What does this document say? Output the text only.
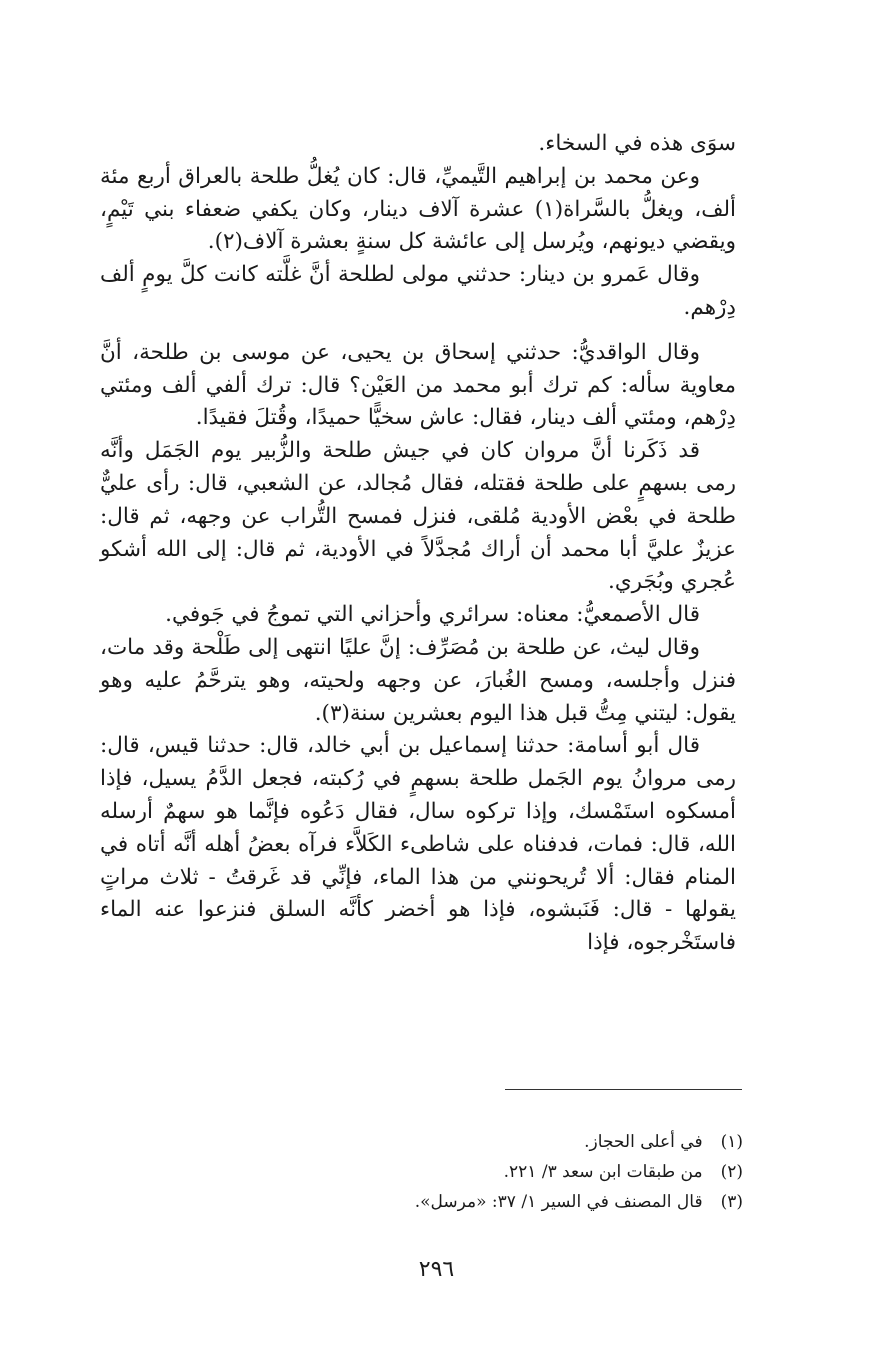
سوَى هذه في السخاء.

وعن محمد بن إبراهيم التَّيميِّ، قال: كان يُغلُّ طلحة بالعراق أربع مئة ألف، ويغلُّ بالسَّراة(١) عشرة آلاف دينار، وكان يكفي ضعفاء بني تَيْمٍ، ويقضي ديونهم، ويُرسل إلى عائشة كل سنةٍ بعشرة آلاف(٢).

وقال عَمرو بن دينار: حدثني مولى لطلحة أنَّ غلَّته كانت كلَّ يومٍ ألف دِرْهم.

وقال الواقديُّ: حدثني إسحاق بن يحيى، عن موسى بن طلحة، أنَّ معاوية سأله: كم ترك أبو محمد من العَيْن؟ قال: ترك ألفي ألف ومئتي دِرْهم، ومئتي ألف دينار، فقال: عاش سخيًّا حميدًا، وقُتلَ فقيدًا.

قد ذَكَرنا أنَّ مروان كان في جيش طلحة والزُّبير يوم الجَمَل وأنَّه رمى بسهمٍ على طلحة فقتله، فقال مُجالد، عن الشعبي، قال: رأى عليٌّ طلحة في بعْض الأودية مُلقى، فنزل فمسح التُّراب عن وجهه، ثم قال: عزيزٌ عليَّ أبا محمد أن أراك مُجدَّلاً في الأودية، ثم قال: إلى الله أشكو عُجري وبُجَري.

قال الأصمعيُّ: معناه: سرائري وأحزاني التي تموجُ في جَوفي.

وقال ليث، عن طلحة بن مُصَرِّف: إنَّ عليًا انتهى إلى طَلْحة وقد مات، فنزل وأجلسه، ومسح الغُبارَ، عن وجهه ولحيته، وهو يترحَّمُ عليه وهو يقول: ليتني مِتُّ قبل هذا اليوم بعشرين سنة(٣).

قال أبو أسامة: حدثنا إسماعيل بن أبي خالد، قال: حدثنا قيس، قال: رمى مروانُ يوم الجَمل طلحة بسهمٍ في رُكبته، فجعل الدَّمُ يسيل، فإذا أمسكوه استَمْسك، وإذا تركوه سال، فقال دَعُوه فإنَّما هو سهمٌ أرسله الله، قال: فمات، فدفناه على شاطىء الكَلاَّء فرآه بعضُ أهله أنَّه أتاه في المنام فقال: ألا تُريحونني من هذا الماء، فإنِّي قد غَرقتُ - ثلاث مراتٍ يقولها - قال: فَنَبشوه، فإذا هو أخضر كأنَّه السلق فنزعوا عنه الماء فاستَخْرجوه، فإذا

(١)
في أعلى الحجاز.
(٢)
من طبقات ابن سعد ٣/ ٢٢١.
(٣)
قال المصنف في السير ١/ ٣٧: «مرسل».
٢٩٦
